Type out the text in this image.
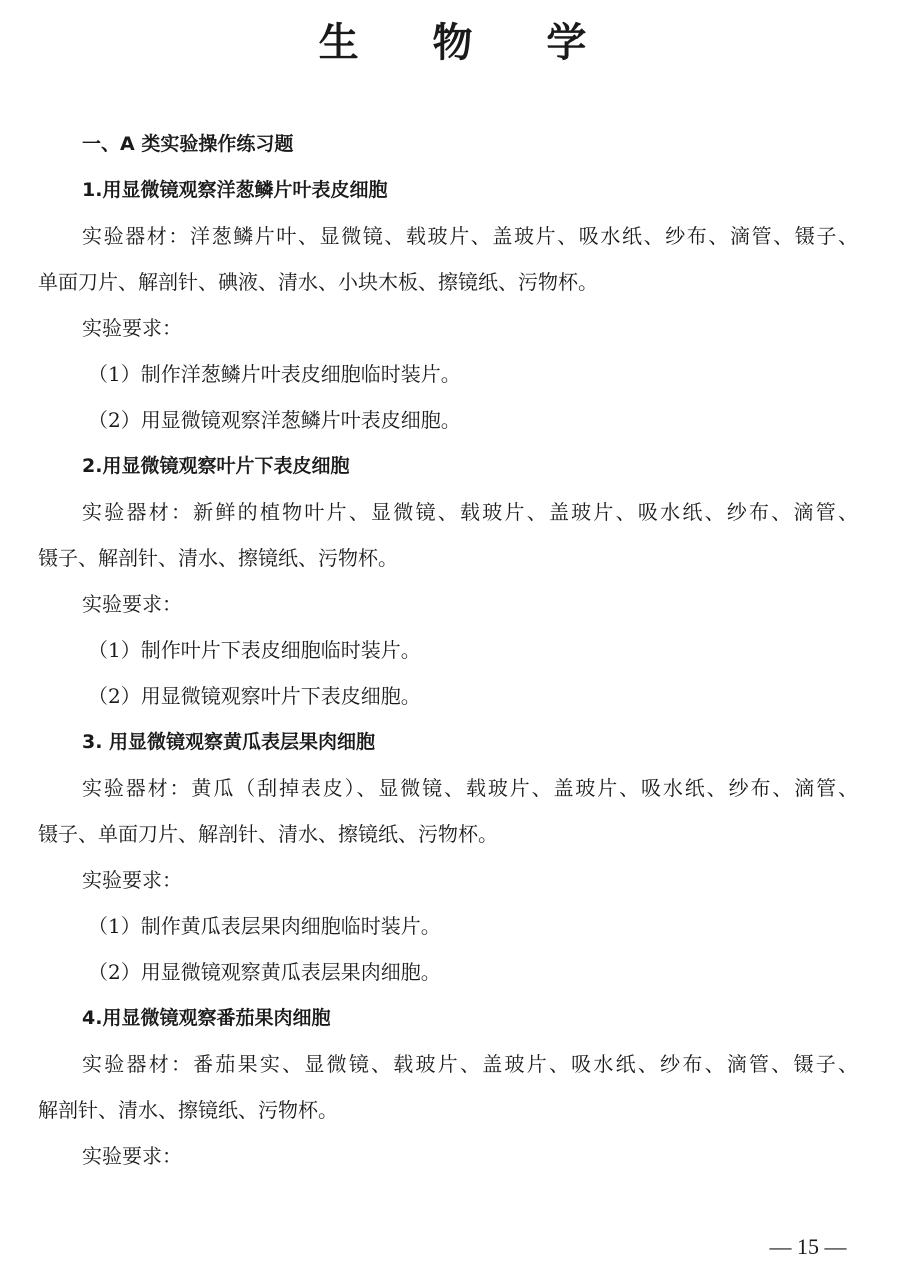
生 物 学
一、A 类实验操作练习题
1.用显微镜观察洋葱鳞片叶表皮细胞
实验器材：洋葱鳞片叶、显微镜、载玻片、盖玻片、吸水纸、纱布、滴管、镊子、
单面刀片、解剖针、碘液、清水、小块木板、擦镜纸、污物杯。
实验要求：
（1）制作洋葱鳞片叶表皮细胞临时装片。
（2）用显微镜观察洋葱鳞片叶表皮细胞。
2.用显微镜观察叶片下表皮细胞
实验器材：新鲜的植物叶片、显微镜、载玻片、盖玻片、吸水纸、纱布、滴管、
镊子、解剖针、清水、擦镜纸、污物杯。
实验要求：
（1）制作叶片下表皮细胞临时装片。
（2）用显微镜观察叶片下表皮细胞。
3. 用显微镜观察黄瓜表层果肉细胞
实验器材：黄瓜（刮掉表皮）、显微镜、载玻片、盖玻片、吸水纸、纱布、滴管、
镊子、单面刀片、解剖针、清水、擦镜纸、污物杯。
实验要求：
（1）制作黄瓜表层果肉细胞临时装片。
（2）用显微镜观察黄瓜表层果肉细胞。
4.用显微镜观察番茄果肉细胞
实验器材：番茄果实、显微镜、载玻片、盖玻片、吸水纸、纱布、滴管、镊子、
解剖针、清水、擦镜纸、污物杯。
实验要求：
— 15 —
